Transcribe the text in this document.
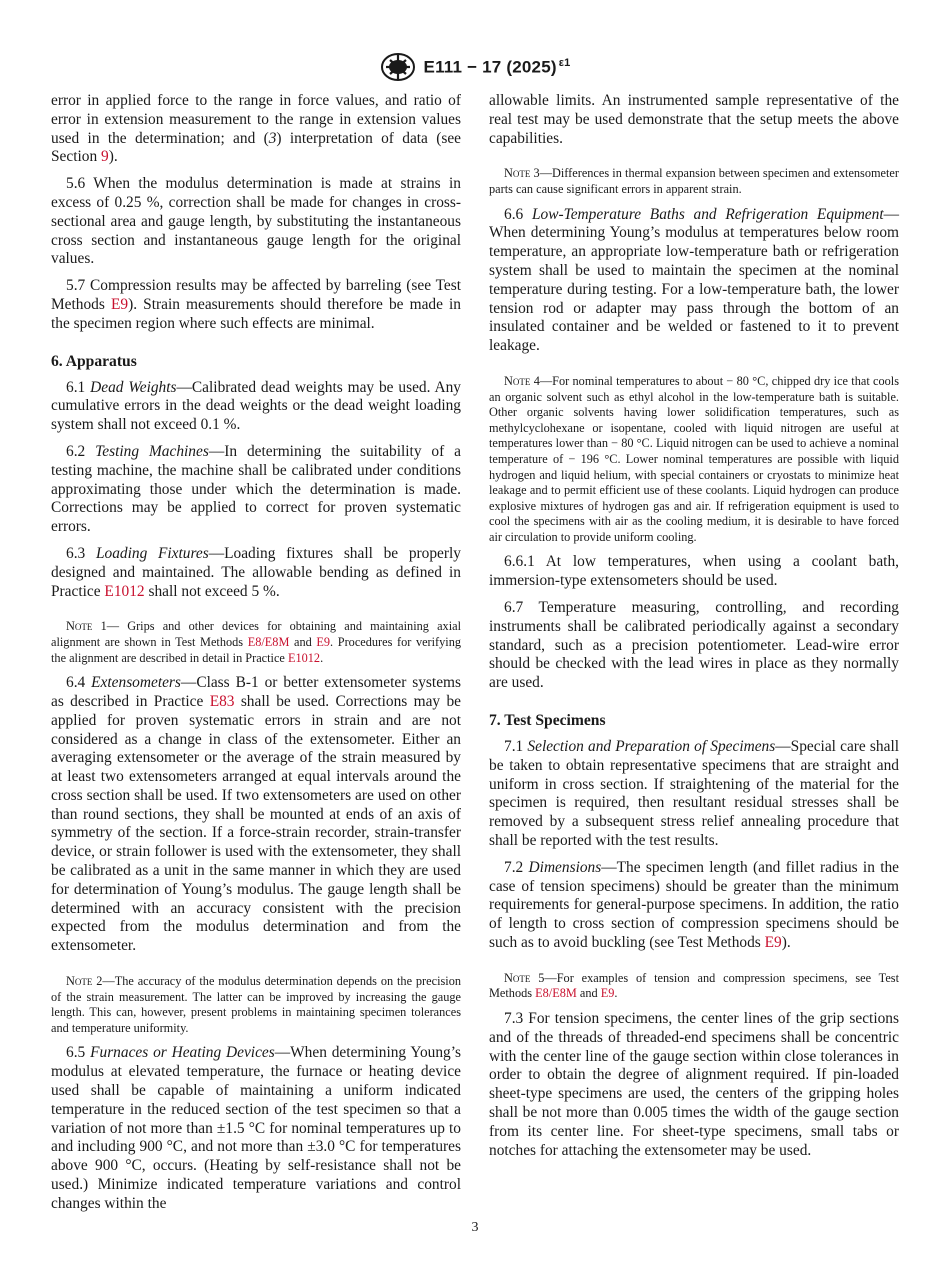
E111 − 17 (2025) $^{\varepsilon 1}$

error in applied force to the range in force values, and ratio of error in extension measurement to the range in extension values used in the determination; and (3) interpretation of data (see Section 9).

5.6 When the modulus determination is made at strains in excess of 0.25 %, correction shall be made for changes in cross-sectional area and gauge length, by substituting the instantaneous cross section and instantaneous gauge length for the original values.

5.7 Compression results may be affected by barreling (see Test Methods E9). Strain measurements should therefore be made in the specimen region where such effects are minimal.

6. Apparatus

6.1 Dead Weights—Calibrated dead weights may be used. Any cumulative errors in the dead weights or the dead weight loading system shall not exceed 0.1 %.

6.2 Testing Machines—In determining the suitability of a testing machine, the machine shall be calibrated under conditions approximating those under which the determination is made. Corrections may be applied to correct for proven systematic errors.

6.3 Loading Fixtures—Loading fixtures shall be properly designed and maintained. The allowable bending as defined in Practice E1012 shall not exceed 5 %.

Note 1— Grips and other devices for obtaining and maintaining axial alignment are shown in Test Methods E8/E8M and E9. Procedures for verifying the alignment are described in detail in Practice E1012.

6.4 Extensometers—Class B-1 or better extensometer systems as described in Practice E83 shall be used. Corrections may be applied for proven systematic errors in strain and are not considered as a change in class of the extensometer. Either an averaging extensometer or the average of the strain measured by at least two extensometers arranged at equal intervals around the cross section shall be used. If two extensometers are used on other than round sections, they shall be mounted at ends of an axis of symmetry of the section. If a force-strain recorder, strain-transfer device, or strain follower is used with the extensometer, they shall be calibrated as a unit in the same manner in which they are used for determination of Young’s modulus. The gauge length shall be determined with an accuracy consistent with the precision expected from the modulus determination and from the extensometer.

Note 2—The accuracy of the modulus determination depends on the precision of the strain measurement. The latter can be improved by increasing the gauge length. This can, however, present problems in maintaining specimen tolerances and temperature uniformity.

6.5 Furnaces or Heating Devices—When determining Young’s modulus at elevated temperature, the furnace or heating device used shall be capable of maintaining a uniform indicated temperature in the reduced section of the test specimen so that a variation of not more than ±1.5 °C for nominal temperatures up to and including 900 °C, and not more than ±3.0 °C for temperatures above 900 °C, occurs. (Heating by self-resistance shall not be used.) Minimize indicated temperature variations and control changes within the

allowable limits. An instrumented sample representative of the real test may be used demonstrate that the setup meets the above capabilities.

Note 3—Differences in thermal expansion between specimen and extensometer parts can cause significant errors in apparent strain.

6.6 Low-Temperature Baths and Refrigeration Equipment—When determining Young’s modulus at temperatures below room temperature, an appropriate low-temperature bath or refrigeration system shall be used to maintain the specimen at the nominal temperature during testing. For a low-temperature bath, the lower tension rod or adapter may pass through the bottom of an insulated container and be welded or fastened to it to prevent leakage.

Note 4—For nominal temperatures to about − 80 °C, chipped dry ice that cools an organic solvent such as ethyl alcohol in the low-temperature bath is suitable. Other organic solvents having lower solidification temperatures, such as methylcyclohexane or isopentane, cooled with liquid nitrogen are useful at temperatures lower than − 80 °C. Liquid nitrogen can be used to achieve a nominal temperature of − 196 °C. Lower nominal temperatures are possible with liquid hydrogen and liquid helium, with special containers or cryostats to minimize heat leakage and to permit efficient use of these coolants. Liquid hydrogen can produce explosive mixtures of hydrogen gas and air. If refrigeration equipment is used to cool the specimens with air as the cooling medium, it is desirable to have forced air circulation to provide uniform cooling.

6.6.1 At low temperatures, when using a coolant bath, immersion-type extensometers should be used.

6.7 Temperature measuring, controlling, and recording instruments shall be calibrated periodically against a secondary standard, such as a precision potentiometer. Lead-wire error should be checked with the lead wires in place as they normally are used.

7. Test Specimens

7.1 Selection and Preparation of Specimens—Special care shall be taken to obtain representative specimens that are straight and uniform in cross section. If straightening of the material for the specimen is required, then resultant residual stresses shall be removed by a subsequent stress relief annealing procedure that shall be reported with the test results.

7.2 Dimensions—The specimen length (and fillet radius in the case of tension specimens) should be greater than the minimum requirements for general-purpose specimens. In addition, the ratio of length to cross section of compression specimens should be such as to avoid buckling (see Test Methods E9).

Note 5—For examples of tension and compression specimens, see Test Methods E8/E8M and E9.

7.3 For tension specimens, the center lines of the grip sections and of the threads of threaded-end specimens shall be concentric with the center line of the gauge section within close tolerances in order to obtain the degree of alignment required. If pin-loaded sheet-type specimens are used, the centers of the gripping holes shall be not more than 0.005 times the width of the gauge section from its center line. For sheet-type specimens, small tabs or notches for attaching the extensometer may be used.

3
